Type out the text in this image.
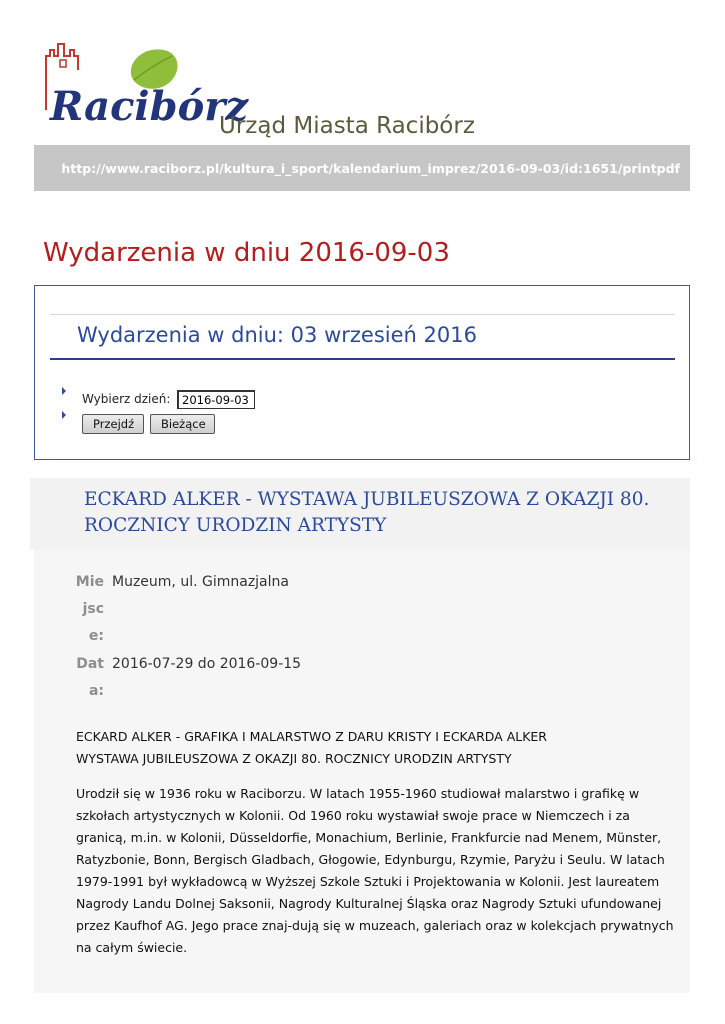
Racibórz
Urząd Miasta Racibórz
http://www.raciborz.pl/kultura_i_sport/kalendarium_imprez/2016-09-03/id:1651/printpdf
Wydarzenia w dniu 2016-09-03
Wydarzenia w dniu: 03 wrzesień 2016
Wybierz dzień:
2016-09-03
Przejdź	Bieżące
ECKARD ALKER - WYSTAWA JUBILEUSZOWA Z OKAZJI 80. ROCZNICY URODZIN ARTYSTY
Miejsce:
Muzeum, ul. Gimnazjalna
Data:
2016-07-29 do 2016-09-15
ECKARD ALKER - GRAFIKA I MALARSTWO Z DARU KRISTY I ECKARDA ALKER
WYSTAWA JUBILEUSZOWA Z OKAZJI 80. ROCZNICY URODZIN ARTYSTY

Urodził się w 1936 roku w Raciborzu. W latach 1955-1960 studiował malarstwo i grafikę w szkołach artystycznych w Kolonii. Od 1960 roku wystawiał swoje prace w Niemczech i za granicą, m.in. w Kolonii, Düsseldorfie, Monachium, Berlinie, Frankfurcie nad Menem, Münster, Ratyzbonie, Bonn, Bergisch Gladbach, Głogowie, Edynburgu, Rzymie, Paryżu i Seulu. W latach 1979-1991 był wykładowcą w Wyższej Szkole Sztuki i Projektowania w Kolonii. Jest laureatem Nagrody Landu Dolnej Saksonii, Nagrody Kulturalnej Śląska oraz Nagrody Sztuki ufundowanej przez Kaufhof AG. Jego prace znaj-dują się w muzeach, galeriach oraz w kolekcjach prywatnych na całym świecie.
